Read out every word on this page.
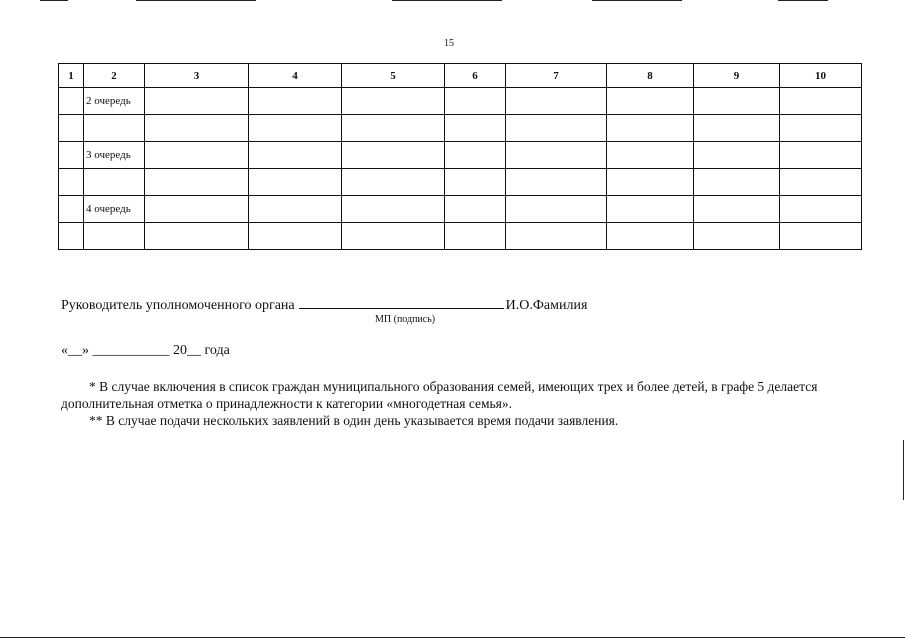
15
1	2	3	4	5	6	7	8	9	10
	2 очередь								

	3 очередь								

	4 очередь								

Руководитель уполномоченного органа	И.О.Фамилия
МП (подпись)
«__» ___________ 20__ года

* В случае включения в список граждан муниципального образования семей, имеющих трех и более детей, в графе 5 делается дополнительная отметка о принадлежности к категории «многодетная семья».

** В случае подачи нескольких заявлений в один день указывается время подачи заявления.
